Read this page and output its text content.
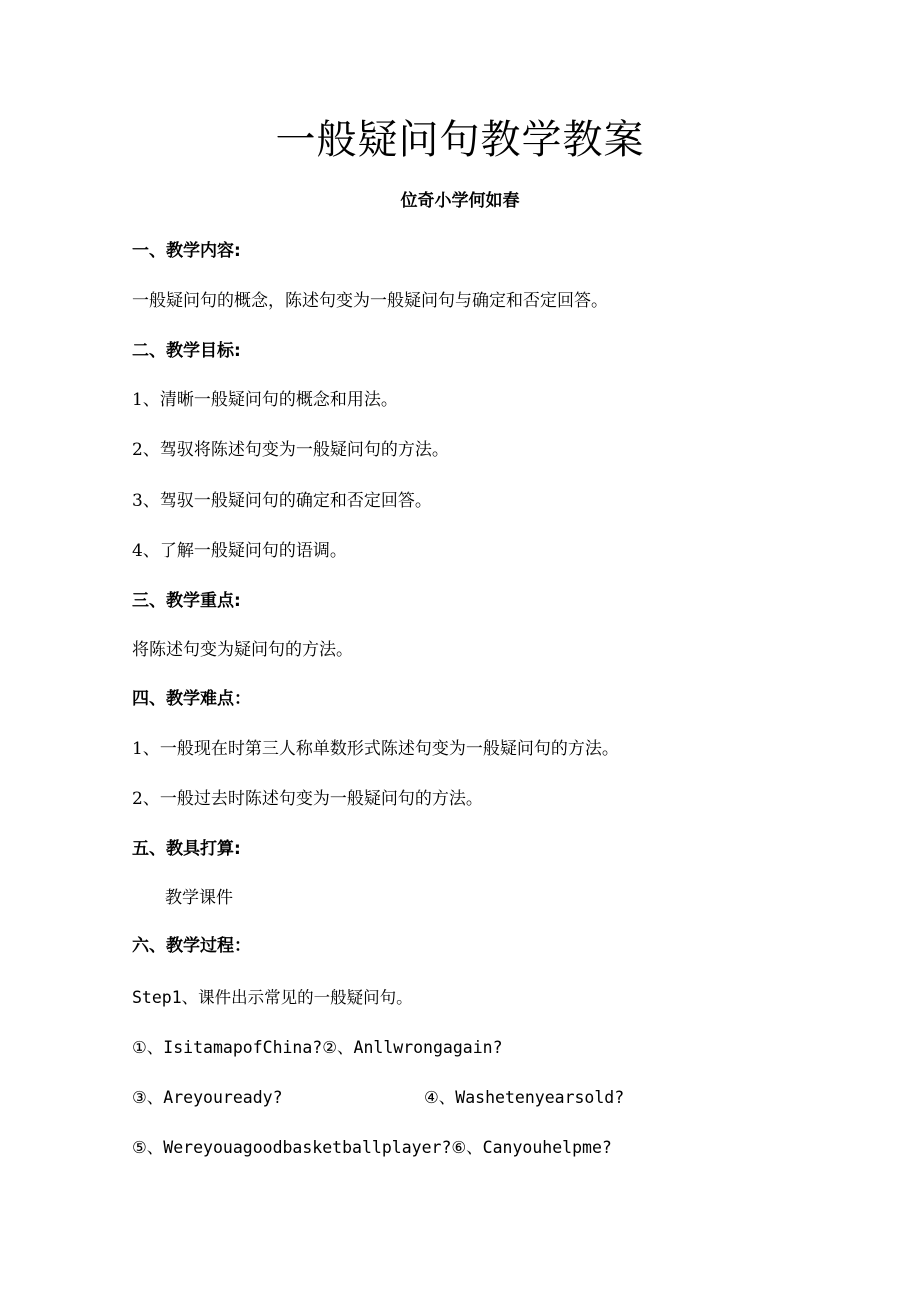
一般疑问句教学教案
位奇小学何如春
一、教学内容:
一般疑问句的概念，陈述句变为一般疑问句与确定和否定回答。
二、教学目标:
1、清晰一般疑问句的概念和用法。
2、驾驭将陈述句变为一般疑问句的方法。
3、驾驭一般疑问句的确定和否定回答。
4、了解一般疑问句的语调。
三、教学重点:
将陈述句变为疑问句的方法。
四、教学难点：
1、一般现在时第三人称单数形式陈述句变为一般疑问句的方法。
2、一般过去时陈述句变为一般疑问句的方法。
五、教具打算:
教学课件
六、教学过程：
Step1、课件出示常见的一般疑问句。
①、IsitamapofChina?②、Anllwrongagain?
③、Areyouready?	④、Washetenyearsold?
⑤、Wereyouagoodbasketballplayer?⑥、Canyouhelpme?
